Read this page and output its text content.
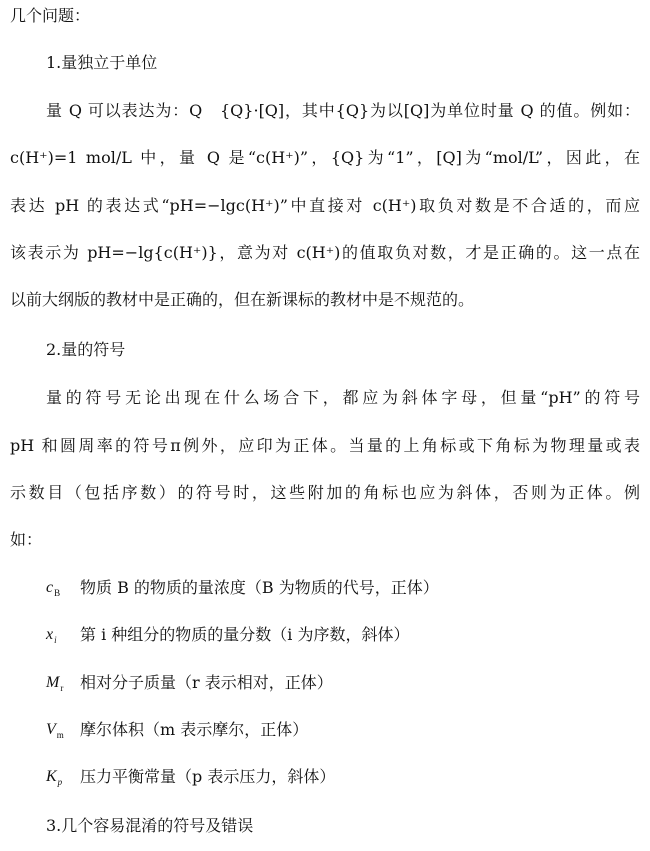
几个问题：
1.量独立于单位
量 Q 可以表达为：Q　{Q}·[Q]，其中{Q}为以[Q]为单位时量 Q 的值。例如：
c(H⁺)=1 mol/L 中，量 Q 是“c(H⁺)”，{Q}为“1”，[Q]为“mol/L”，因此，在
表达 pH 的表达式“pH=−lgc(H⁺)”中直接对 c(H⁺)取负对数是不合适的，而应
该表示为 pH=−lg{c(H⁺)}，意为对 c(H⁺)的值取负对数，才是正确的。这一点在
以前大纲版的教材中是正确的，但在新课标的教材中是不规范的。
2.量的符号
量的符号无论出现在什么场合下，都应为斜体字母，但量“pH”的符号
pH 和圆周率的符号π例外，应印为正体。当量的上角标或下角标为物理量或表
示数目（包括序数）的符号时，这些附加的角标也应为斜体，否则为正体。例
如：
$c_B$ 物质 B 的物质的量浓度（B 为物质的代号，正体）
$x_i$ 第 i 种组分的物质的量分数（i 为序数，斜体）
$M_r$ 相对分子质量（r 表示相对，正体）
$V_m$ 摩尔体积（m 表示摩尔，正体）
$K_p$ 压力平衡常量（p 表示压力，斜体）
3.几个容易混淆的符号及错误
